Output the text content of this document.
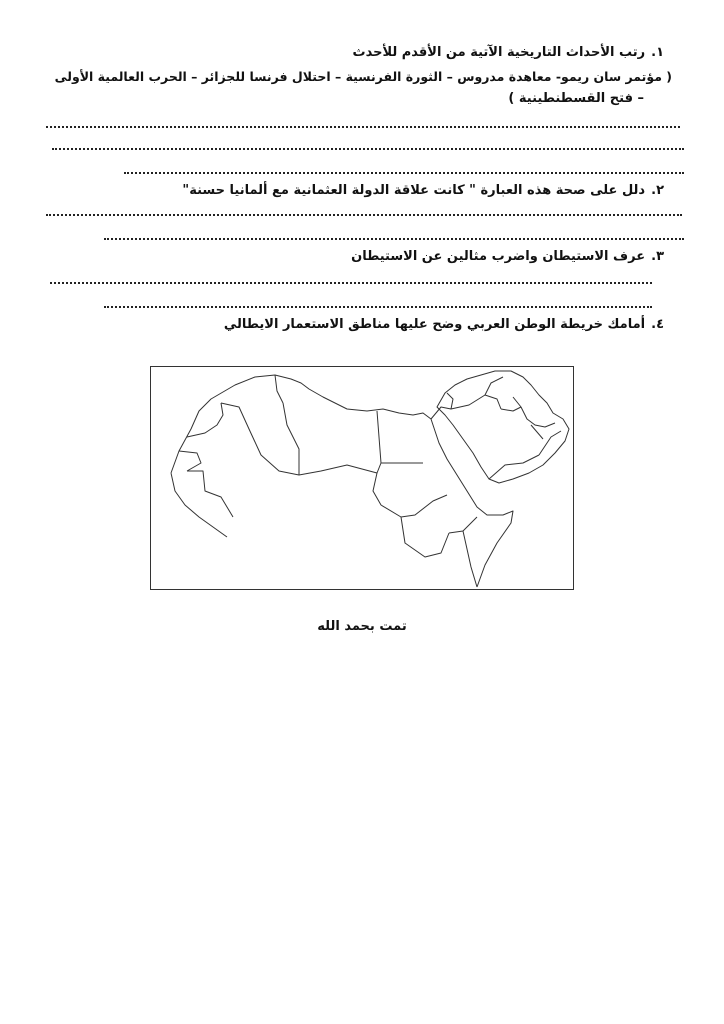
١.رتب الأحداث التاريخية الآتية من الأقدم للأحدث
( مؤتمر سان ريمو- معاهدة مدروس – الثورة الفرنسية – احتلال فرنسا للجزائر – الحرب العالمية الأولى
– فتح القسطنطينية )
٢.دلل على صحة هذه العبارة " كانت علاقة الدولة العثمانية مع ألمانيا حسنة"
٣.عرف الاستيطان واضرب مثالين عن الاستيطان
٤.أمامك خريطة الوطن العربي وضح عليها مناطق الاستعمار الايطالي
تمت بحمد الله
